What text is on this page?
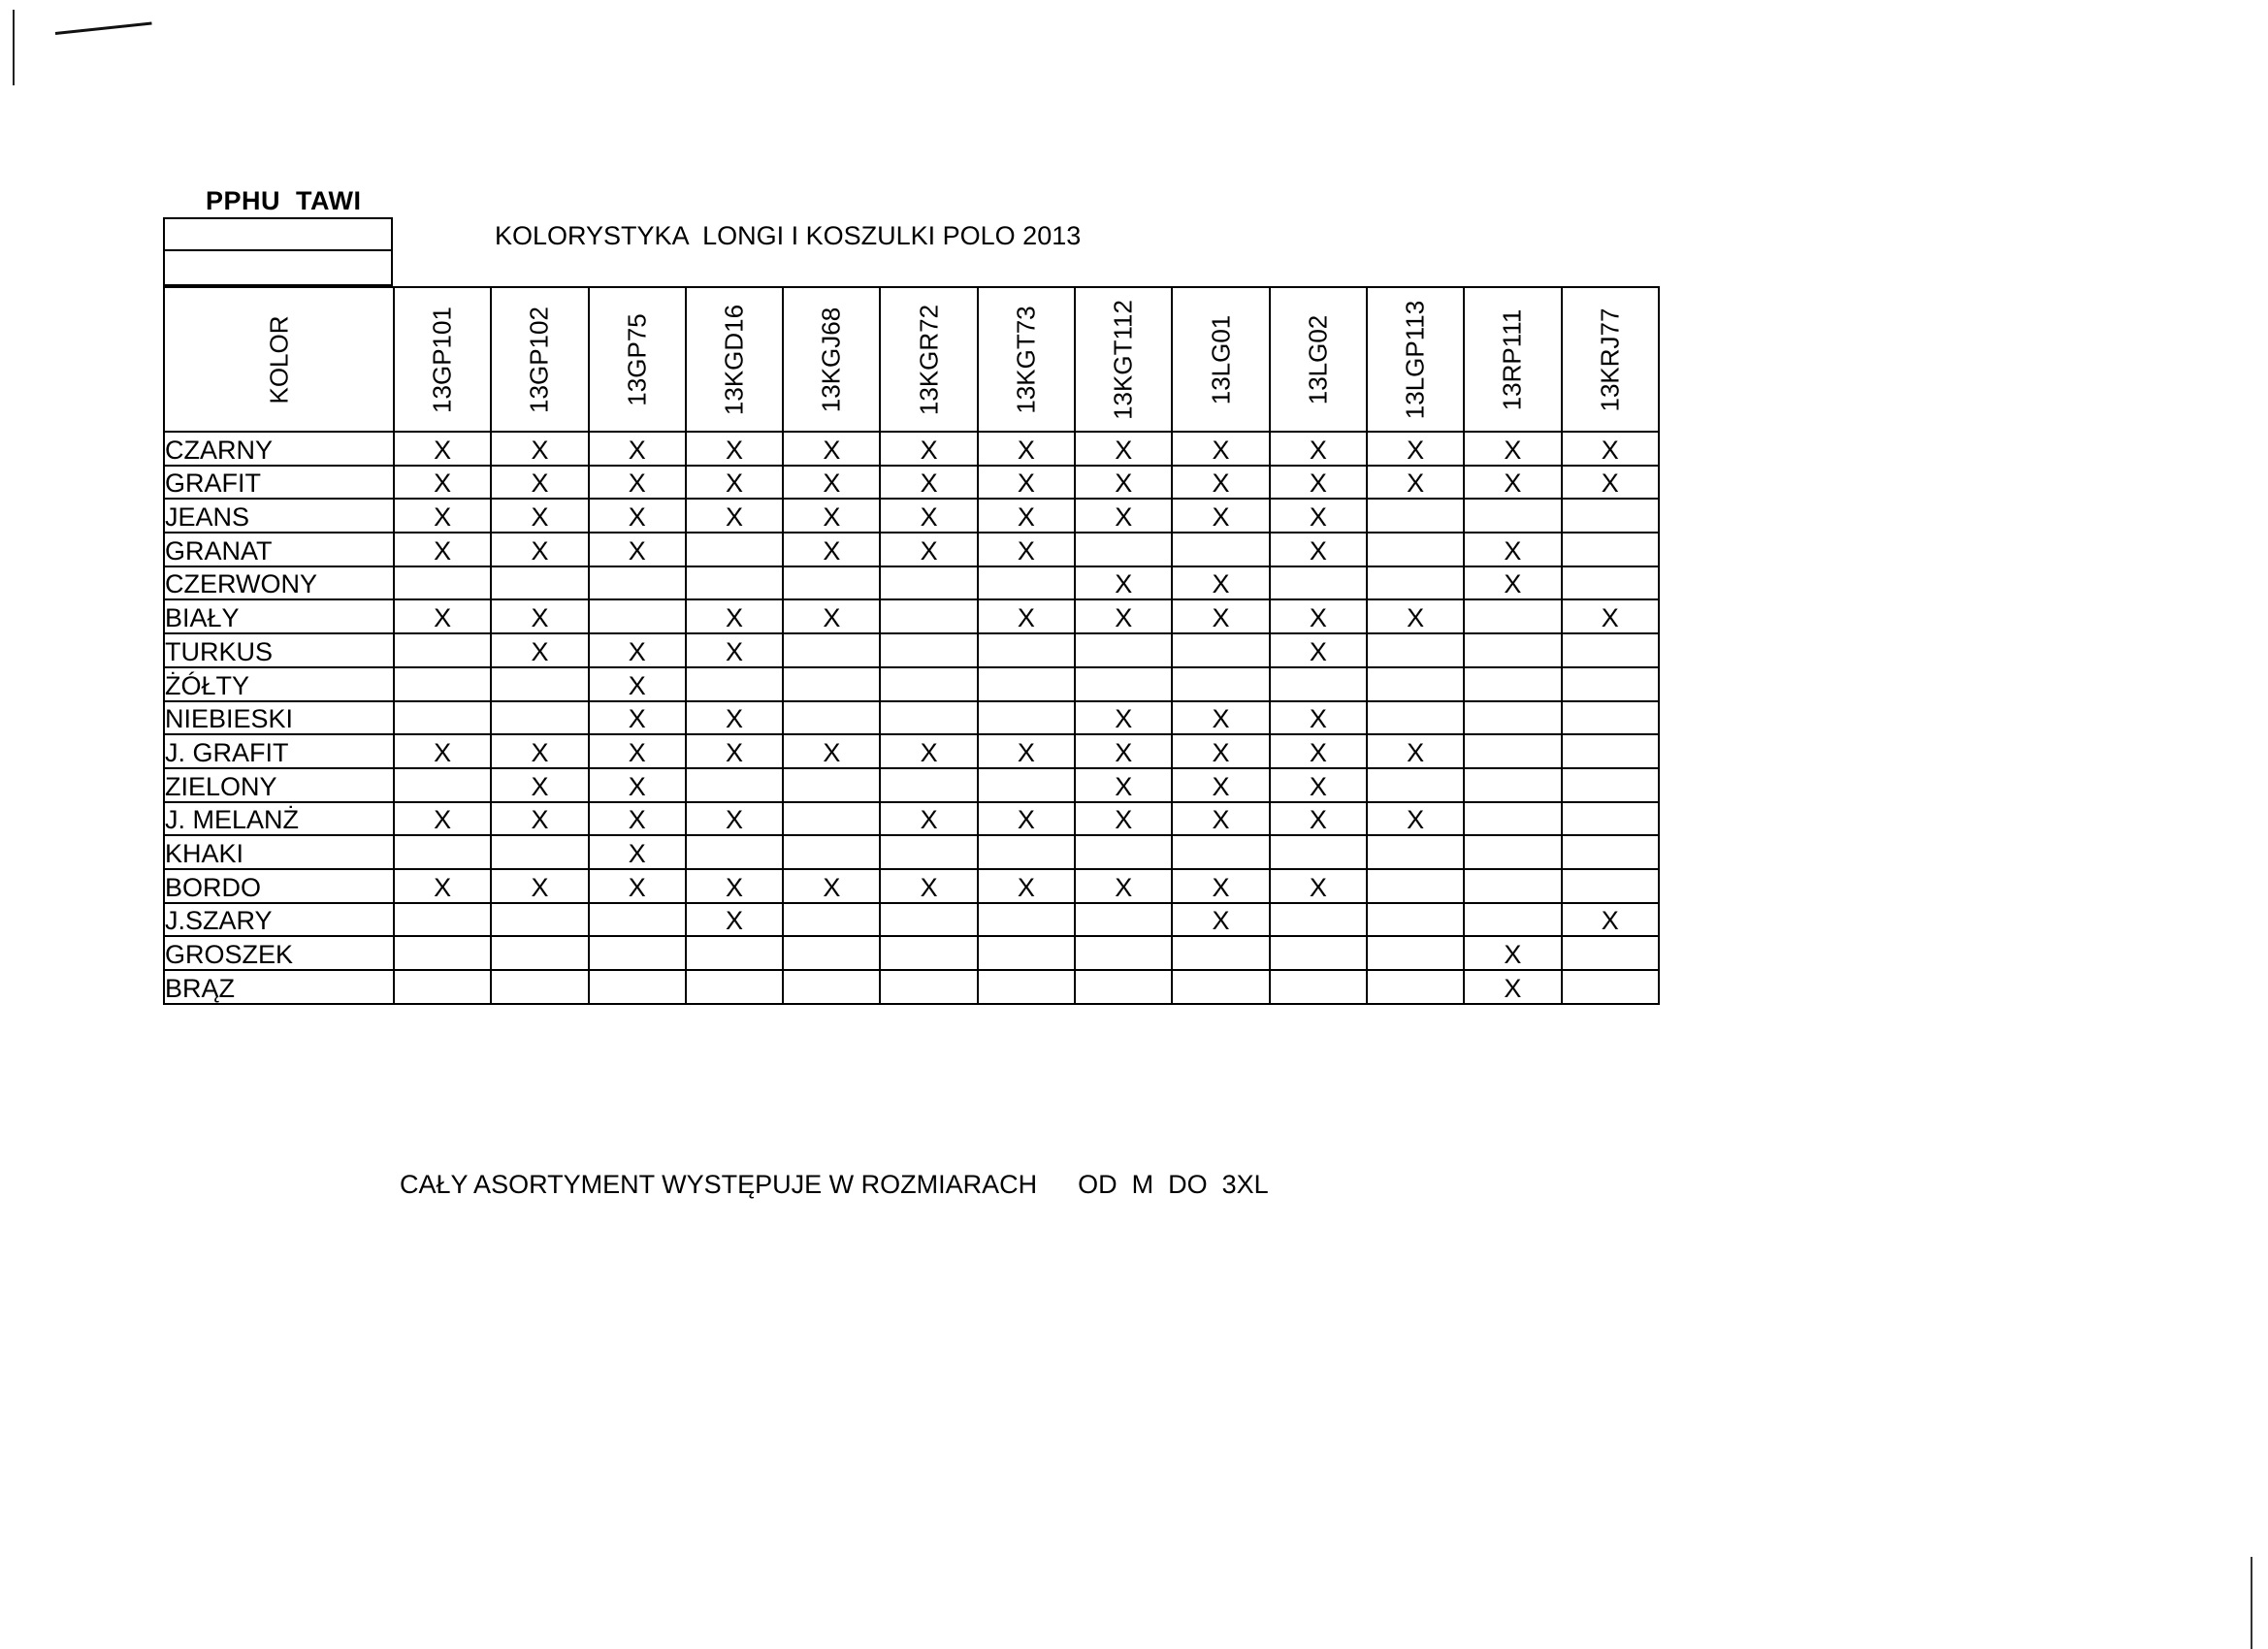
PPHU  TAWI
KOLORYSTYKA  LONGI I KOSZULKI POLO 2013
KOLOR	13GP101	13GP102	13GP75	13KGD16	13KGJ68	13KGR72	13KGT73	13KGT112	13LG01	13LG02	13LGP113	13RP111	13KRJ77

CZARNY	X	X	X	X	X	X	X	X	X	X	X	X	X
GRAFIT	X	X	X	X	X	X	X	X	X	X	X	X	X
JEANS	X	X	X	X	X	X	X	X	X	X			
GRANAT	X	X	X		X	X	X			X		X	
CZERWONY								X	X			X	
BIAŁY	X	X		X	X		X	X	X	X	X		X
TURKUS		X	X	X						X			
ŻÓŁTY			X										
NIEBIESKI			X	X				X	X	X			
J. GRAFIT	X	X	X	X	X	X	X	X	X	X	X		
ZIELONY		X	X					X	X	X			
J. MELANŻ	X	X	X	X		X	X	X	X	X	X		
KHAKI			X										
BORDO	X	X	X	X	X	X	X	X	X	X			
J.SZARY				X					X				X
GROSZEK												X	
BRĄZ												X	
CAŁY ASORTYMENT WYSTĘPUJE W ROZMIARACH OD  M  DO  3XL
